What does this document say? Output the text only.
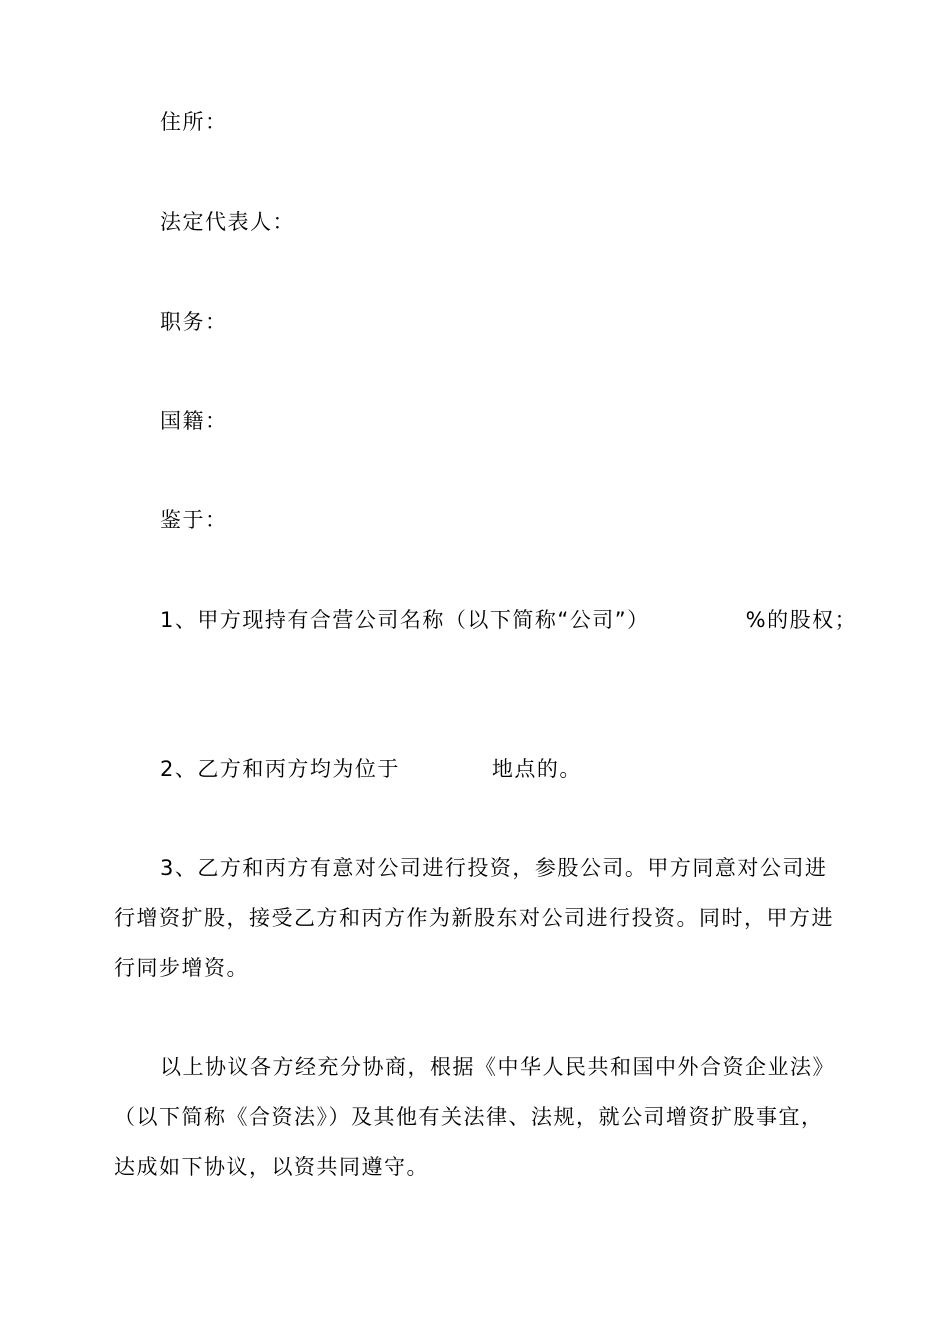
住所：
法定代表人：
职务：
国籍：
鉴于：
1、甲方现持有合营公司名称（以下简称“公司”）	%的股权；
2、乙方和丙方均为位于	地点的。
3、乙方和丙方有意对公司进行投资，参股公司。甲方同意对公司进
行增资扩股，接受乙方和丙方作为新股东对公司进行投资。同时，甲方进
行同步增资。
以上协议各方经充分协商，根据《中华人民共和国中外合资企业法》
（以下简称《合资法》）及其他有关法律、法规，就公司增资扩股事宜，
达成如下协议，以资共同遵守。
